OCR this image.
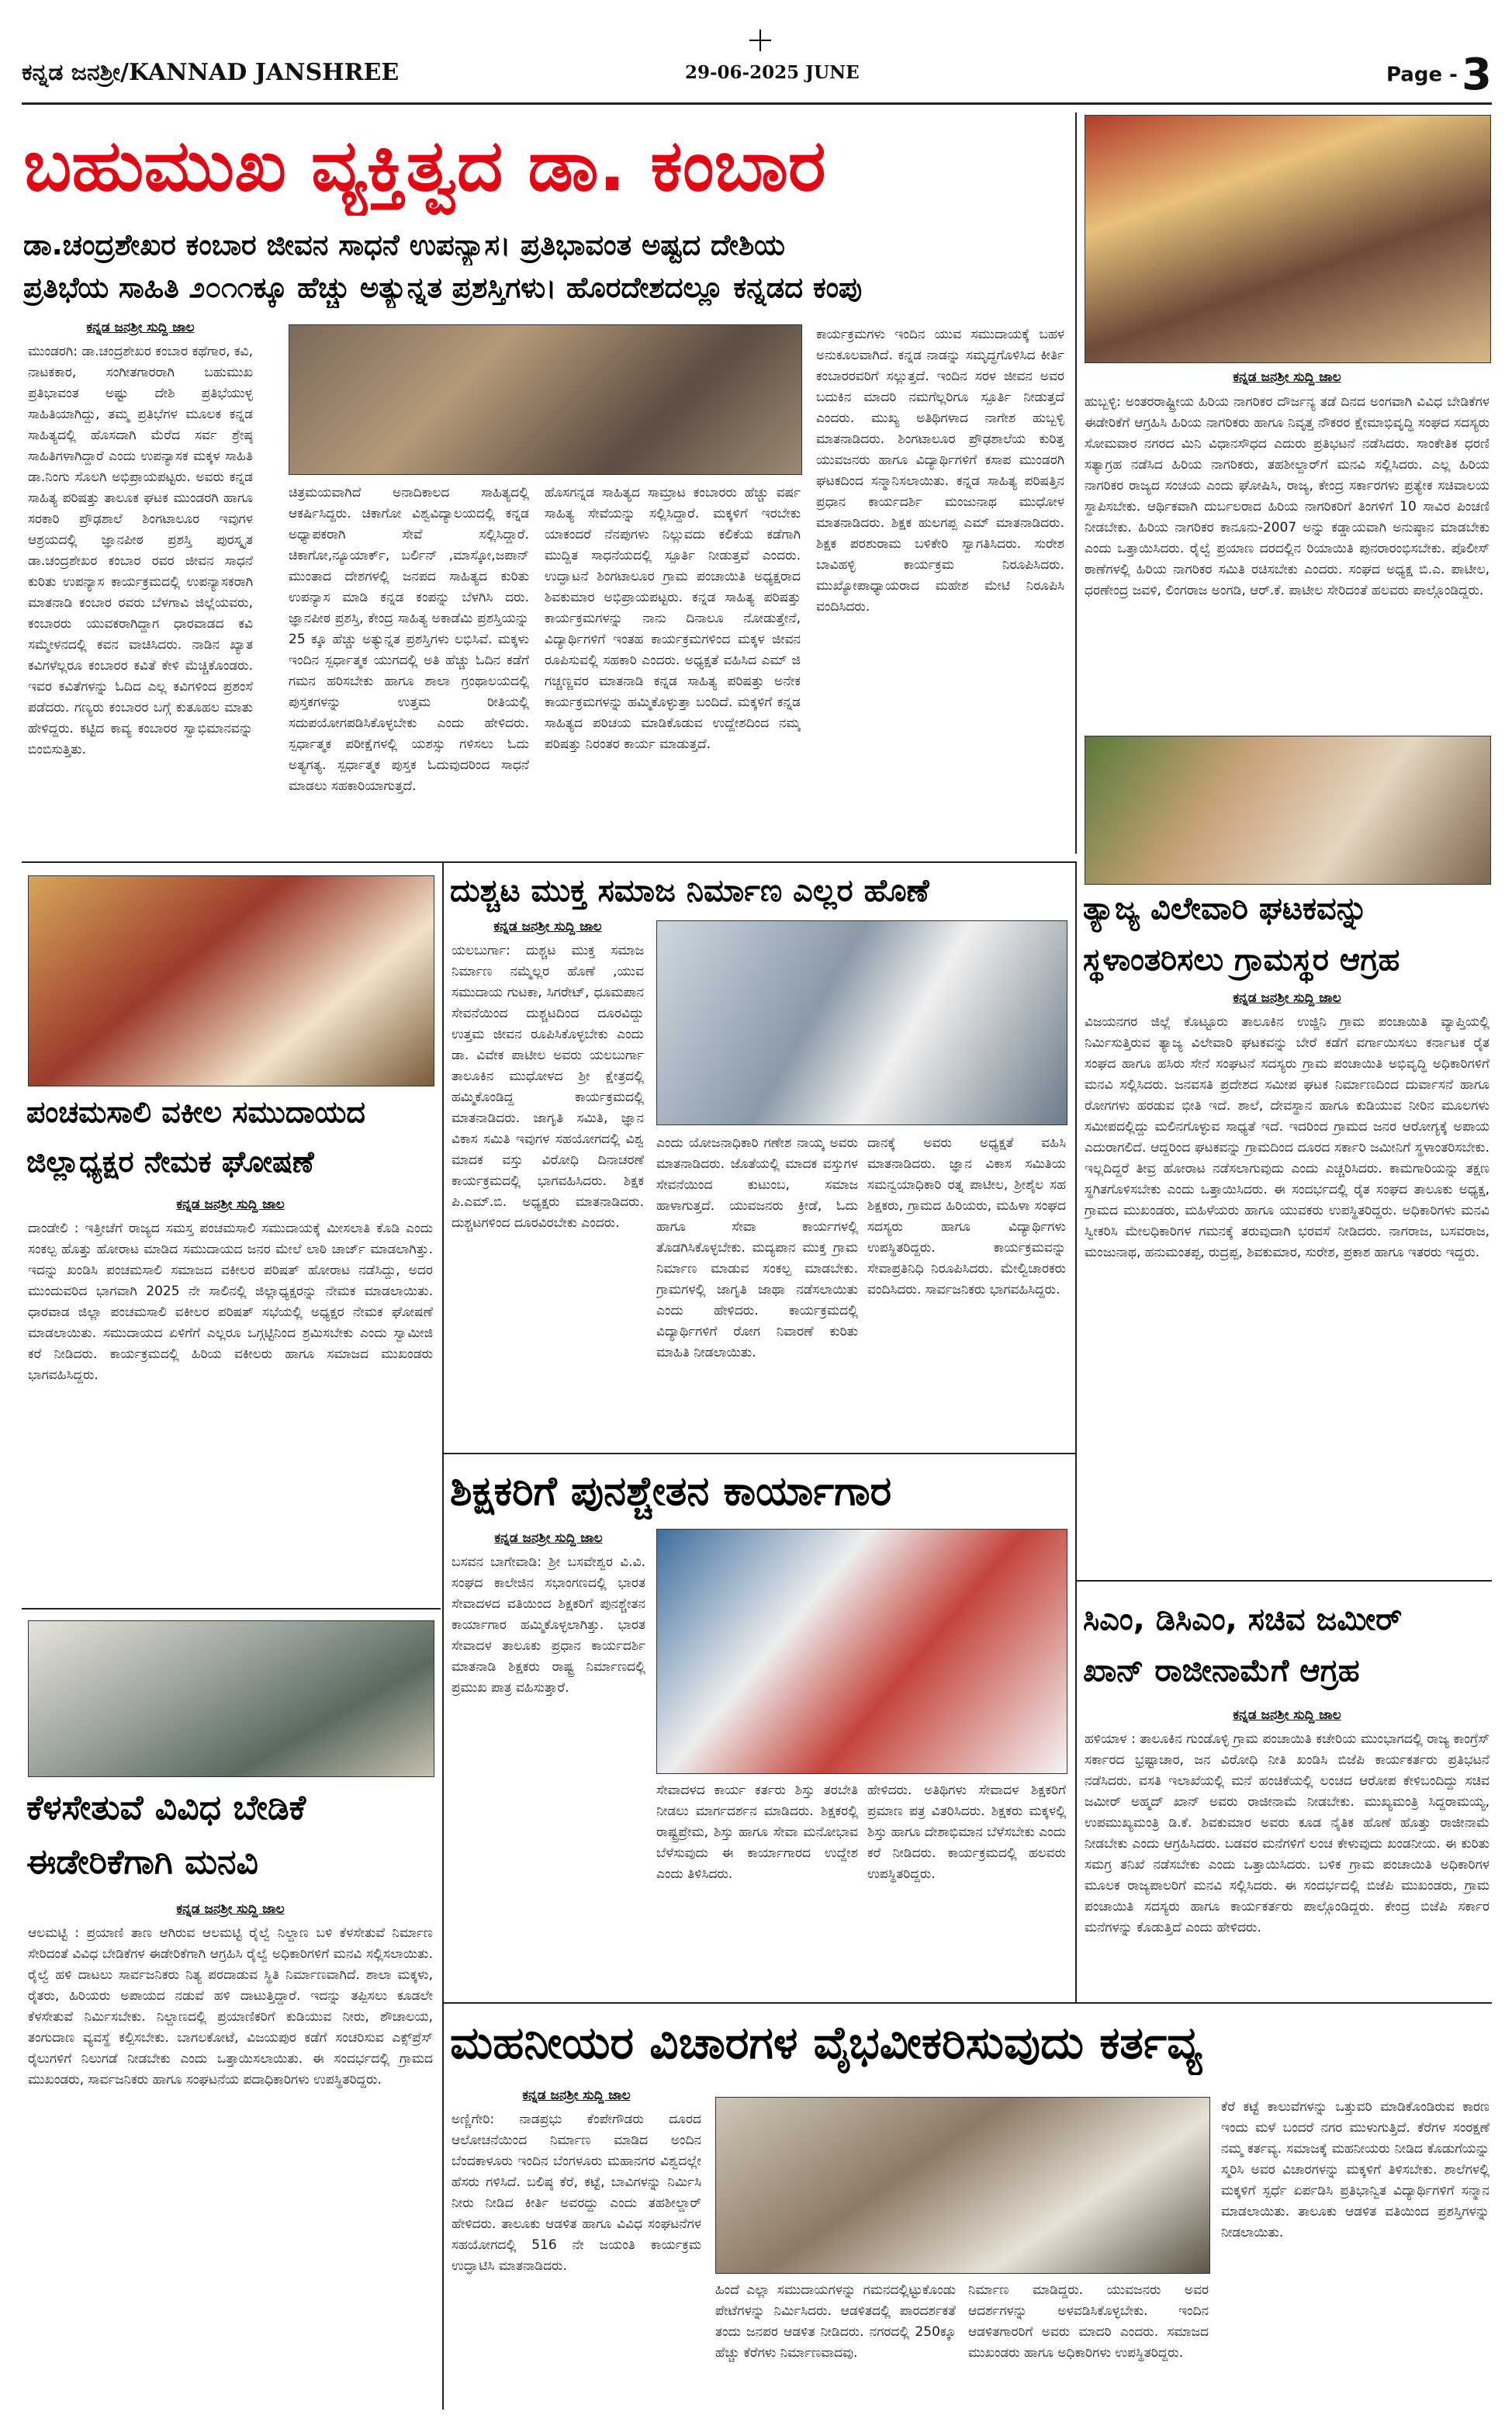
ಕನ್ನಡ ಜನಶ್ರೀ/KANNAD JANSHREE	29-06-2025 JUNE	Page - 3
ಬಹುಮುಖ ವ್ಯಕ್ತಿತ್ವದ ಡಾ. ಕಂಬಾರ
ಡಾ.ಚಂದ್ರಶೇಖರ ಕಂಬಾರ ಜೀವನ ಸಾಧನೆ ಉಪನ್ಯಾಸ। ಪ್ರತಿಭಾವಂತ ಅಷ್ಟದ ದೇಶಿಯ
ಪ್ರತಿಭೆಯ ಸಾಹಿತಿ ೨೦೧೧ಕ್ಕೂ ಹೆಚ್ಚು ಅತ್ಯುನ್ನತ ಪ್ರಶಸ್ತಿಗಳು। ಹೊರದೇಶದಲ್ಲೂ ಕನ್ನಡದ ಕಂಪು
ಕನ್ನಡ ಜನಶ್ರೀ ಸುದ್ದಿ ಜಾಲ
ಮುಂಡರಗಿ: ಡಾ.ಚಂದ್ರಶೇಖರ ಕಂಬಾರ ಕಥೆಗಾರ, ಕವಿ, ನಾಟಕಕಾರ, ಸಂಗೀತಗಾರರಾಗಿ ಬಹುಮುಖ ಪ್ರತಿಭಾವಂತ ಅಷ್ಟು ದೇಶಿ ಪ್ರತಿಭೆಯುಳ್ಳ ಸಾಹಿತಿಯಾಗಿದ್ದು, ತಮ್ಮ ಪ್ರತಿಭೆಗಳ ಮೂಲಕ ಕನ್ನಡ ಸಾಹಿತ್ಯದಲ್ಲಿ ಹೊಸದಾಗಿ ಮೆರೆದ ಸರ್ವ ಶ್ರೇಷ್ಠ ಸಾಹಿತಿಗಳಾಗಿದ್ದಾರೆ ಎಂದು ಉಪನ್ಯಾಸಕ ಮಕ್ಕಳ ಸಾಹಿತಿ ಡಾ.ನಿಂಗು ಸೊಲಗಿ ಅಭಿಪ್ರಾಯಪಟ್ಟರು. ಅವರು ಕನ್ನಡ ಸಾಹಿತ್ಯ ಪರಿಷತ್ತು ತಾಲೂಕ ಘಟಕ ಮುಂಡರಗಿ ಹಾಗೂ ಸರಕಾರಿ ಪ್ರೌಢಶಾಲೆ ಶಿಂಗಟಾಲೂರ ಇವುಗಳ ಆಶ್ರಯದಲ್ಲಿ ಜ್ಞಾನಪೀಠ ಪ್ರಶಸ್ತಿ ಪುರಸ್ಕೃತ ಡಾ.ಚಂದ್ರಶೇಖರ ಕಂಬಾರ ರವರ ಜೀವನ ಸಾಧನೆ ಕುರಿತು ಉಪನ್ಯಾಸ ಕಾರ್ಯಕ್ರಮದಲ್ಲಿ ಉಪನ್ಯಾಸಕರಾಗಿ ಮಾತನಾಡಿ ಕಂಬಾರ ರವರು ಬೆಳಗಾವಿ ಜಿಲ್ಲೆಯವರು, ಕಂಬಾರರು ಯುವಕರಾಗಿದ್ದಾಗ ಧಾರವಾಡದ ಕವಿ ಸಮ್ಮೇಳನದಲ್ಲಿ ಕವನ ವಾಚಿಸಿದರು. ನಾಡಿನ ಖ್ಯಾತ ಕವಿಗಳೆಲ್ಲರೂ ಕಂಬಾರರ ಕವಿತೆ ಕೇಳಿ ಮೆಚ್ಚಿಕೊಂಡರು. ಇವರ ಕವಿತೆಗಳನ್ನು ಓದಿದ ಎಲ್ಲ ಕವಿಗಳಿಂದ ಪ್ರಶಂಸೆ ಪಡೆದರು. ಗಣ್ಯರು ಕಂಬಾರರ ಬಗ್ಗೆ ಕುತೂಹಲ ಮಾತು ಹೇಳಿದ್ದರು. ಕಟ್ಟಿದ ಕಾವ್ಯ ಕಂಬಾರರ ಸ್ವಾಭಿಮಾನವನ್ನು ಬಿಂಬಿಸುತ್ತಿತು.
ಚಿತ್ರಮಯವಾಗಿದೆ ಅನಾದಿಕಾಲದ ಸಾಹಿತ್ಯದಲ್ಲಿ ಆಕರ್ಷಿಸಿದ್ದರು. ಚಿಕಾಗೋ ವಿಶ್ವವಿದ್ಯಾಲಯದಲ್ಲಿ ಕನ್ನಡ ಅಧ್ಯಾಪಕರಾಗಿ ಸೇವೆ ಸಲ್ಲಿಸಿದ್ದಾರೆ. ಚಿಕಾಗೋ,ನ್ಯೂಯಾರ್ಕ್, ಬರ್ಲಿನ್ ,ಮಾಸ್ಕೋ,ಜಪಾನ್ ಮುಂತಾದ ದೇಶಗಳಲ್ಲಿ ಜನಪದ ಸಾಹಿತ್ಯದ ಕುರಿತು ಉಪನ್ಯಾಸ ಮಾಡಿ ಕನ್ನಡ ಕಂಪನ್ನು ಬೆಳಗಿಸಿ ದರು. ಜ್ಞಾನಪೀಠ ಪ್ರಶಸ್ತಿ, ಕೇಂದ್ರ ಸಾಹಿತ್ಯ ಅಕಾಡೆಮಿ ಪ್ರಶಸ್ತಿಯನ್ನು 25 ಕ್ಕೂ ಹೆಚ್ಚು ಅತ್ಯುನ್ನತ ಪ್ರಶಸ್ತಿಗಳು ಲಭಿಸಿವೆ. ಮಕ್ಕಳು ಇಂದಿನ ಸ್ಪರ್ಧಾತ್ಮಕ ಯುಗದಲ್ಲಿ ಅತಿ ಹೆಚ್ಚು ಓದಿನ ಕಡೆಗೆ ಗಮನ ಹರಿಸಬೇಕು ಹಾಗೂ ಶಾಲಾ ಗ್ರಂಥಾಲಯದಲ್ಲಿ ಪುಸ್ತಕಗಳನ್ನು ಉತ್ತಮ ರೀತಿಯಲ್ಲಿ ಸದುಪಯೋಗಪಡಿಸಿಕೊಳ್ಳಬೇಕು ಎಂದು ಹೇಳಿದರು. ಸ್ಪರ್ಧಾತ್ಮಕ ಪರೀಕ್ಷೆಗಳಲ್ಲಿ ಯಶಸ್ಸು ಗಳಿಸಲು ಓದು ಅತ್ಯಗತ್ಯ. ಸ್ಪರ್ಧಾತ್ಮಕ ಪುಸ್ತಕ ಓದುವುದರಿಂದ ಸಾಧನೆ ಮಾಡಲು ಸಹಕಾರಿಯಾಗುತ್ತದೆ.
ಹೊಸಗನ್ನಡ ಸಾಹಿತ್ಯದ ಸಾಮ್ರಾಟ ಕಂಬಾರರು ಹೆಚ್ಚು ವರ್ಷ ಸಾಹಿತ್ಯ ಸೇವೆಯನ್ನು ಸಲ್ಲಿಸಿದ್ದಾರೆ. ಮಕ್ಕಳಿಗೆ ಇರಬೇಕು ಯಾಕಂದರೆ ನೆನಪುಗಳು ನಿಲ್ಲುವದು ಕಲಿಕೆಯ ಕಡೆಗಾಗಿ ಮುದ್ದಿತ ಸಾಧನೆಯದಲ್ಲಿ ಸ್ಪೂರ್ತಿ ನೀಡುತ್ತವೆ ಎಂದರು. ಉದ್ಘಾಟನೆ ಶಿಂಗಟಾಲೂರ ಗ್ರಾಮ ಪಂಚಾಯಿತಿ ಅಧ್ಯಕ್ಷರಾದ ಶಿವಕುಮಾರ ಅಭಿಪ್ರಾಯಪಟ್ಟರು. ಕನ್ನಡ ಸಾಹಿತ್ಯ ಪರಿಷತ್ತು ಕಾರ್ಯಕ್ರಮಗಳನ್ನು ನಾನು ದಿನಾಲೂ ನೋಡುತ್ತೇನೆ, ವಿದ್ಯಾರ್ಥಿಗಳಿಗೆ ಇಂತಹ ಕಾರ್ಯಕ್ರಮಗಳಿಂದ ಮಕ್ಕಳ ಜೀವನ ರೂಪಿಸುವಲ್ಲಿ ಸಹಕಾರಿ ಎಂದರು. ಅಧ್ಯಕ್ಷತೆ ವಹಿಸಿದ ಎಮ್ ಜಿ ಗಚ್ಚಣ್ಣವರ ಮಾತನಾಡಿ ಕನ್ನಡ ಸಾಹಿತ್ಯ ಪರಿಷತ್ತು ಅನೇಕ ಕಾರ್ಯಕ್ರಮಗಳನ್ನು ಹಮ್ಮಿಕೊಳ್ಳುತ್ತಾ ಬಂದಿದೆ. ಮಕ್ಕಳಿಗೆ ಕನ್ನಡ ಸಾಹಿತ್ಯದ ಪರಿಚಯ ಮಾಡಿಕೊಡುವ ಉದ್ದೇಶದಿಂದ ನಮ್ಮ ಪರಿಷತ್ತು ನಿರಂತರ ಕಾರ್ಯ ಮಾಡುತ್ತದೆ.
ಕಾರ್ಯಕ್ರಮಗಳು ಇಂದಿನ ಯುವ ಸಮುದಾಯಕ್ಕೆ ಬಹಳ ಅನುಕೂಲವಾಗಿದೆ. ಕನ್ನಡ ನಾಡನ್ನು ಸಮೃದ್ಧಗೊಳಿಸಿದ ಕೀರ್ತಿ ಕಂಬಾರರವರಿಗೆ ಸಲ್ಲುತ್ತದೆ. ಇಂದಿನ ಸರಳ ಜೀವನ ಅವರ ಬದುಕಿನ ಮಾದರಿ ನಮಗೆಲ್ಲರಿಗೂ ಸ್ಪೂರ್ತಿ ನೀಡುತ್ತದೆ ಎಂದರು. ಮುಖ್ಯ ಅತಿಥಿಗಳಾದ ನಾಗೇಶ ಹುಬ್ಬಳ್ಳಿ ಮಾತನಾಡಿದರು. ಶಿಂಗಟಾಲೂರ ಪ್ರೌಢಶಾಲೆಯ ಕುರಿತ್ತ ಯುವಜನರು ಹಾಗೂ ವಿದ್ಯಾರ್ಥಿಗಳಿಗೆ ಕಸಾಪ ಮುಂಡರಗಿ ಘಟಕದಿಂದ ಸನ್ಮಾನಿಸಲಾಯಿತು. ಕನ್ನಡ ಸಾಹಿತ್ಯ ಪರಿಷತ್ತಿನ ಪ್ರಧಾನ ಕಾರ್ಯದರ್ಶಿ ಮಂಜುನಾಥ ಮುಧೋಳ ಮಾತನಾಡಿದರು. ಶಿಕ್ಷಕ ಹುಲಗಪ್ಪ ಎಮ್ ಮಾತನಾಡಿದರು. ಶಿಕ್ಷಕ ಪರಶುರಾಮ ಬಳಿಕೇರಿ ಸ್ವಾಗತಿಸಿದರು. ಸುರೇಶ ಬಾವಿಹಳ್ಳಿ ಕಾರ್ಯಕ್ರಮ ನಿರೂಪಿಸಿದರು. ಮುಖ್ಯೋಪಾಧ್ಯಾಯರಾದ ಮಹೇಶ ಮೇಟಿ ನಿರೂಪಿಸಿ ವಂದಿಸಿದರು.
ಕನ್ನಡ ಜನಶ್ರೀ ಸುದ್ದಿ ಜಾಲ
ಹುಬ್ಬಳ್ಳಿ: ಅಂತರರಾಷ್ಟ್ರೀಯ ಹಿರಿಯ ನಾಗರಿಕರ ದೌರ್ಜನ್ಯ ತಡೆ ದಿನದ ಅಂಗವಾಗಿ ವಿವಿಧ ಬೇಡಿಕೆಗಳ ಈಡೇರಿಕೆಗೆ ಆಗ್ರಹಿಸಿ ಹಿರಿಯ ನಾಗರಿಕರು ಹಾಗೂ ನಿವೃತ್ತ ನೌಕರರ ಕ್ಷೇಮಾಭಿವೃದ್ಧಿ ಸಂಘದ ಸದಸ್ಯರು ಸೋಮವಾರ ನಗರದ ಮಿನಿ ವಿಧಾನಸೌಧದ ಎದುರು ಪ್ರತಿಭಟನೆ ನಡೆಸಿದರು. ಸಾಂಕೇತಿಕ ಧರಣಿ ಸತ್ಯಾಗ್ರಹ ನಡೆಸಿದ ಹಿರಿಯ ನಾಗರಿಕರು, ತಹಶೀಲ್ದಾರ್‌ಗೆ ಮನವಿ ಸಲ್ಲಿಸಿದರು. ಎಲ್ಲ ಹಿರಿಯ ನಾಗರಿಕರ ರಾಜ್ಯದ ಸಂಚಯ ಎಂದು ಘೋಷಿಸಿ, ರಾಜ್ಯ, ಕೇಂದ್ರ ಸರ್ಕಾರಗಳು ಪ್ರತ್ಯೇಕ ಸಚಿವಾಲಯ ಸ್ಥಾಪಿಸಬೇಕು. ಆರ್ಥಿಕವಾಗಿ ದುರ್ಬಲರಾದ ಹಿರಿಯ ನಾಗರಿಕರಿಗೆ ತಿಂಗಳಿಗೆ 10 ಸಾವಿರ ಪಿಂಚಣಿ ನೀಡಬೇಕು. ಹಿರಿಯ ನಾಗರಿಕರ ಕಾನೂನು-2007 ಅನ್ನು ಕಡ್ಡಾಯವಾಗಿ ಅನುಷ್ಠಾನ ಮಾಡಬೇಕು ಎಂದು ಒತ್ತಾಯಿಸಿದರು. ರೈಲ್ವೆ ಪ್ರಯಾಣ ದರದಲ್ಲಿನ ರಿಯಾಯಿತಿ ಪುನರಾರಂಭಿಸಬೇಕು. ಪೊಲೀಸ್ ಠಾಣೆಗಳಲ್ಲಿ ಹಿರಿಯ ನಾಗರಿಕರ ಸಮಿತಿ ರಚಿಸಬೇಕು ಎಂದರು. ಸಂಘದ ಅಧ್ಯಕ್ಷ ಬಿ.ಎ. ಪಾಟೀಲ, ಧರಣೇಂದ್ರ ಜವಳಿ, ಲಿಂಗರಾಜ ಅಂಗಡಿ, ಆರ್.ಕೆ. ಪಾಟೀಲ ಸೇರಿದಂತೆ ಹಲವರು ಪಾಲ್ಗೊಂಡಿದ್ದರು.
ಪಂಚಮಸಾಲಿ ವಕೀಲ ಸಮುದಾಯದ
ಜಿಲ್ಲಾಧ್ಯಕ್ಷರ ನೇಮಕ ಘೋಷಣೆ
ಕನ್ನಡ ಜನಶ್ರೀ ಸುದ್ದಿ ಜಾಲ
ದಾಂಡೇಲಿ : ಇತ್ತೀಚೆಗೆ ರಾಜ್ಯದ ಸಮಸ್ತ ಪಂಚಮಸಾಲಿ ಸಮುದಾಯಕ್ಕೆ ಮೀಸಲಾತಿ ಕೊಡಿ ಎಂದು ಸಂಕಲ್ಪ ಹೊತ್ತು ಹೋರಾಟ ಮಾಡಿದ ಸಮುದಾಯದ ಜನರ ಮೇಲೆ ಲಾಠಿ ಚಾರ್ಜ್ ಮಾಡಲಾಗಿತ್ತು. ಇದನ್ನು ಖಂಡಿಸಿ ಪಂಚಮಸಾಲಿ ಸಮಾಜದ ವಕೀಲರ ಪರಿಷತ್ ಹೋರಾಟ ನಡೆಸಿದ್ದು, ಅದರ ಮುಂದುವರಿದ ಭಾಗವಾಗಿ 2025 ನೇ ಸಾಲಿನಲ್ಲಿ ಜಿಲ್ಲಾಧ್ಯಕ್ಷರನ್ನು ನೇಮಕ ಮಾಡಲಾಯಿತು. ಧಾರವಾಡ ಜಿಲ್ಲಾ ಪಂಚಮಸಾಲಿ ವಕೀಲರ ಪರಿಷತ್ ಸಭೆಯಲ್ಲಿ ಅಧ್ಯಕ್ಷರ ನೇಮಕ ಘೋಷಣೆ ಮಾಡಲಾಯಿತು. ಸಮುದಾಯದ ಏಳಿಗೆಗೆ ಎಲ್ಲರೂ ಒಗ್ಗಟ್ಟಿನಿಂದ ಶ್ರಮಿಸಬೇಕು ಎಂದು ಸ್ವಾಮೀಜಿ ಕರೆ ನೀಡಿದರು. ಕಾರ್ಯಕ್ರಮದಲ್ಲಿ ಹಿರಿಯ ವಕೀಲರು ಹಾಗೂ ಸಮಾಜದ ಮುಖಂಡರು ಭಾಗವಹಿಸಿದ್ದರು.
ಕೆಳಸೇತುವೆ ವಿವಿಧ ಬೇಡಿಕೆ
ಈಡೇರಿಕೆಗಾಗಿ ಮನವಿ
ಕನ್ನಡ ಜನಶ್ರೀ ಸುದ್ದಿ ಜಾಲ
ಆಲಮಟ್ಟಿ : ಪ್ರಯಾಣಿ ತಾಣ ಆಗಿರುವ ಆಲಮಟ್ಟಿ ರೈಲ್ವೆ ನಿಲ್ದಾಣ ಬಳಿ ಕೆಳಸೇತುವೆ ನಿರ್ಮಾಣ ಸೇರಿದಂತೆ ವಿವಿಧ ಬೇಡಿಕೆಗಳ ಈಡೇರಿಕೆಗಾಗಿ ಆಗ್ರಹಿಸಿ ರೈಲ್ವೆ ಅಧಿಕಾರಿಗಳಿಗೆ ಮನವಿ ಸಲ್ಲಿಸಲಾಯಿತು. ರೈಲ್ವೆ ಹಳಿ ದಾಟಲು ಸಾರ್ವಜನಿಕರು ನಿತ್ಯ ಪರದಾಡುವ ಸ್ಥಿತಿ ನಿರ್ಮಾಣವಾಗಿದೆ. ಶಾಲಾ ಮಕ್ಕಳು, ರೈತರು, ಹಿರಿಯರು ಅಪಾಯದ ನಡುವೆ ಹಳಿ ದಾಟುತ್ತಿದ್ದಾರೆ. ಇದನ್ನು ತಪ್ಪಿಸಲು ಕೂಡಲೇ ಕೆಳಸೇತುವೆ ನಿರ್ಮಿಸಬೇಕು. ನಿಲ್ದಾಣದಲ್ಲಿ ಪ್ರಯಾಣಿಕರಿಗೆ ಕುಡಿಯುವ ನೀರು, ಶೌಚಾಲಯ, ತಂಗುದಾಣ ವ್ಯವಸ್ಥೆ ಕಲ್ಪಿಸಬೇಕು. ಬಾಗಲಕೋಟೆ, ವಿಜಯಪುರ ಕಡೆಗೆ ಸಂಚರಿಸುವ ಎಕ್ಸ್‌ಪ್ರೆಸ್ ರೈಲುಗಳಿಗೆ ನಿಲುಗಡೆ ನೀಡಬೇಕು ಎಂದು ಒತ್ತಾಯಿಸಲಾಯಿತು. ಈ ಸಂದರ್ಭದಲ್ಲಿ ಗ್ರಾಮದ ಮುಖಂಡರು, ಸಾರ್ವಜನಿಕರು ಹಾಗೂ ಸಂಘಟನೆಯ ಪದಾಧಿಕಾರಿಗಳು ಉಪಸ್ಥಿತರಿದ್ದರು.
ದುಶ್ಚಟ ಮುಕ್ತ ಸಮಾಜ ನಿರ್ಮಾಣ ಎಲ್ಲರ ಹೊಣೆ
ಕನ್ನಡ ಜನಶ್ರೀ ಸುದ್ದಿ ಜಾಲ
ಯಲಬುರ್ಗಾ: ದುಶ್ಚಟ ಮುಕ್ತ ಸಮಾಜ ನಿರ್ಮಾಣ ನಮ್ಮೆಲ್ಲರ ಹೊಣೆ ,ಯುವ ಸಮುದಾಯ ಗುಟಕಾ, ಸಿಗರೇಟ್, ಧೂಮಪಾನ ಸೇವನೆಯಿಂದ ದುಶ್ಚಟದಿಂದ ದೂರವಿದ್ದು ಉತ್ತಮ ಜೀವನ ರೂಪಿಸಿಕೊಳ್ಳಬೇಕು ಎಂದು ಡಾ. ವಿವೇಕ ಪಾಟೀಲ ಅವರು ಯಲಬುರ್ಗಾ ತಾಲೂಕಿನ ಮುಧೋಳದ ಶ್ರೀ ಕ್ಷೇತ್ರದಲ್ಲಿ ಹಮ್ಮಿಕೊಂಡಿದ್ದ ಕಾರ್ಯಕ್ರಮದಲ್ಲಿ ಮಾತನಾಡಿದರು. ಜಾಗೃತಿ ಸಮಿತಿ, ಜ್ಞಾನ ವಿಕಾಸ ಸಮಿತಿ ಇವುಗಳ ಸಹಯೋಗದಲ್ಲಿ ವಿಶ್ವ ಮಾದಕ ವಸ್ತು ವಿರೋಧಿ ದಿನಾಚರಣೆ ಕಾರ್ಯಕ್ರಮದಲ್ಲಿ ಭಾಗವಹಿಸಿದರು. ಶಿಕ್ಷಕ ಪಿ.ಎಮ್.ಬಿ. ಅಧ್ಯಕ್ಷರು ಮಾತನಾಡಿದರು. ದುಶ್ಚಟಗಳಿಂದ ದೂರವಿರಬೇಕು ಎಂದರು.
ಎಂದು ಯೋಜನಾಧಿಕಾರಿ ಗಣೇಶ ನಾಯ್ಕ ಅವರು ಮಾತನಾಡಿದರು. ಜೊತೆಯಲ್ಲಿ ಮಾದಕ ವಸ್ತುಗಳ ಸೇವನೆಯಿಂದ ಕುಟುಂಬ, ಸಮಾಜ ಹಾಳಾಗುತ್ತದೆ. ಯುವಜನರು ಕ್ರೀಡೆ, ಓದು ಹಾಗೂ ಸೇವಾ ಕಾರ್ಯಗಳಲ್ಲಿ ತೊಡಗಿಸಿಕೊಳ್ಳಬೇಕು. ಮದ್ಯಪಾನ ಮುಕ್ತ ಗ್ರಾಮ ನಿರ್ಮಾಣ ಮಾಡುವ ಸಂಕಲ್ಪ ಮಾಡಬೇಕು. ಗ್ರಾಮಗಳಲ್ಲಿ ಜಾಗೃತಿ ಜಾಥಾ ನಡೆಸಲಾಯಿತು ಎಂದು ಹೇಳಿದರು. ಕಾರ್ಯಕ್ರಮದಲ್ಲಿ ವಿದ್ಯಾರ್ಥಿಗಳಿಗೆ ರೋಗ ನಿವಾರಣೆ ಕುರಿತು ಮಾಹಿತಿ ನೀಡಲಾಯಿತು.
ದಾನಕ್ಕೆ ಅವರು ಅಧ್ಯಕ್ಷತೆ ವಹಿಸಿ ಮಾತನಾಡಿದರು. ಜ್ಞಾನ ವಿಕಾಸ ಸಮಿತಿಯ ಸಮನ್ವಯಾಧಿಕಾರಿ ರತ್ನ ಪಾಟೀಲ, ಶ್ರೀಶೈಲ ಸಹ ಶಿಕ್ಷಕರು, ಗ್ರಾಮದ ಹಿರಿಯರು, ಮಹಿಳಾ ಸಂಘದ ಸದಸ್ಯರು ಹಾಗೂ ವಿದ್ಯಾರ್ಥಿಗಳು ಉಪಸ್ಥಿತರಿದ್ದರು. ಕಾರ್ಯಕ್ರಮವನ್ನು ಸೇವಾಪ್ರತಿನಿಧಿ ನಿರೂಪಿಸಿದರು. ಮೇಲ್ವಿಚಾರಕರು ವಂದಿಸಿದರು. ಸಾರ್ವಜನಿಕರು ಭಾಗವಹಿಸಿದ್ದರು.
ಶಿಕ್ಷಕರಿಗೆ ಪುನಶ್ಚೇತನ ಕಾರ್ಯಾಗಾರ
ಕನ್ನಡ ಜನಶ್ರೀ ಸುದ್ದಿ ಜಾಲ
ಬಸವನ ಬಾಗೇವಾಡಿ: ಶ್ರೀ ಬಸವೇಶ್ವರ ವಿ.ವಿ. ಸಂಘದ ಕಾಲೇಜಿನ ಸಭಾಂಗಣದಲ್ಲಿ ಭಾರತ ಸೇವಾದಳದ ವತಿಯಿಂದ ಶಿಕ್ಷಕರಿಗೆ ಪುನಶ್ಚೇತನ ಕಾರ್ಯಾಗಾರ ಹಮ್ಮಿಕೊಳ್ಳಲಾಗಿತ್ತು. ಭಾರತ ಸೇವಾದಳ ತಾಲೂಕು ಪ್ರಧಾನ ಕಾರ್ಯದರ್ಶಿ ಮಾತನಾಡಿ ಶಿಕ್ಷಕರು ರಾಷ್ಟ್ರ ನಿರ್ಮಾಣದಲ್ಲಿ ಪ್ರಮುಖ ಪಾತ್ರ ವಹಿಸುತ್ತಾರೆ.
ಸೇವಾದಳದ ಕಾರ್ಯ ಕರ್ತರು ಶಿಸ್ತು ತರಬೇತಿ ನೀಡಲು ಮಾರ್ಗದರ್ಶನ ಮಾಡಿದರು. ಶಿಕ್ಷಕರಲ್ಲಿ ರಾಷ್ಟ್ರಪ್ರೇಮ, ಶಿಸ್ತು ಹಾಗೂ ಸೇವಾ ಮನೋಭಾವ ಬೆಳೆಸುವುದು ಈ ಕಾರ್ಯಾಗಾರದ ಉದ್ದೇಶ ಎಂದು ತಿಳಿಸಿದರು.
ಹೇಳಿದರು. ಅತಿಥಿಗಳು ಸೇವಾದಳ ಶಿಕ್ಷಕರಿಗೆ ಪ್ರಮಾಣ ಪತ್ರ ವಿತರಿಸಿದರು. ಶಿಕ್ಷಕರು ಮಕ್ಕಳಲ್ಲಿ ಶಿಸ್ತು ಹಾಗೂ ದೇಶಾಭಿಮಾನ ಬೆಳೆಸಬೇಕು ಎಂದು ಕರೆ ನೀಡಿದರು. ಕಾರ್ಯಕ್ರಮದಲ್ಲಿ ಹಲವರು ಉಪಸ್ಥಿತರಿದ್ದರು.
ತ್ಯಾಜ್ಯ ವಿಲೇವಾರಿ ಘಟಕವನ್ನು
ಸ್ಥಳಾಂತರಿಸಲು ಗ್ರಾಮಸ್ಥರ ಆಗ್ರಹ
ಕನ್ನಡ ಜನಶ್ರೀ ಸುದ್ದಿ ಜಾಲ
ವಿಜಯನಗರ ಜಿಲ್ಲೆ ಕೊಟ್ಟೂರು ತಾಲೂಕಿನ ಉಜ್ಜಿನಿ ಗ್ರಾಮ ಪಂಚಾಯಿತಿ ವ್ಯಾಪ್ತಿಯಲ್ಲಿ ನಿರ್ಮಿಸುತ್ತಿರುವ ತ್ಯಾಜ್ಯ ವಿಲೇವಾರಿ ಘಟಕವನ್ನು ಬೇರೆ ಕಡೆಗೆ ವರ್ಗಾಯಿಸಲು ಕರ್ನಾಟಕ ರೈತ ಸಂಘದ ಹಾಗೂ ಹಸಿರು ಸೇನೆ ಸಂಘಟನೆ ಸದಸ್ಯರು ಗ್ರಾಮ ಪಂಚಾಯಿತಿ ಅಭಿವೃದ್ಧಿ ಅಧಿಕಾರಿಗಳಿಗೆ ಮನವಿ ಸಲ್ಲಿಸಿದರು. ಜನವಸತಿ ಪ್ರದೇಶದ ಸಮೀಪ ಘಟಕ ನಿರ್ಮಾಣದಿಂದ ದುರ್ವಾಸನೆ ಹಾಗೂ ರೋಗಗಳು ಹರಡುವ ಭೀತಿ ಇದೆ. ಶಾಲೆ, ದೇವಸ್ಥಾನ ಹಾಗೂ ಕುಡಿಯುವ ನೀರಿನ ಮೂಲಗಳು ಸಮೀಪದಲ್ಲಿದ್ದು ಮಲಿನಗೊಳ್ಳುವ ಸಾಧ್ಯತೆ ಇದೆ. ಇದರಿಂದ ಗ್ರಾಮದ ಜನರ ಆರೋಗ್ಯಕ್ಕೆ ಅಪಾಯ ಎದುರಾಗಲಿದೆ. ಆದ್ದರಿಂದ ಘಟಕವನ್ನು ಗ್ರಾಮದಿಂದ ದೂರದ ಸರ್ಕಾರಿ ಜಮೀನಿಗೆ ಸ್ಥಳಾಂತರಿಸಬೇಕು. ಇಲ್ಲದಿದ್ದರೆ ತೀವ್ರ ಹೋರಾಟ ನಡೆಸಲಾಗುವುದು ಎಂದು ಎಚ್ಚರಿಸಿದರು. ಕಾಮಗಾರಿಯನ್ನು ತಕ್ಷಣ ಸ್ಥಗಿತಗೊಳಿಸಬೇಕು ಎಂದು ಒತ್ತಾಯಿಸಿದರು. ಈ ಸಂದರ್ಭದಲ್ಲಿ ರೈತ ಸಂಘದ ತಾಲೂಕು ಅಧ್ಯಕ್ಷ, ಗ್ರಾಮದ ಮುಖಂಡರು, ಮಹಿಳೆಯರು ಹಾಗೂ ಯುವಕರು ಉಪಸ್ಥಿತರಿದ್ದರು. ಅಧಿಕಾರಿಗಳು ಮನವಿ ಸ್ವೀಕರಿಸಿ ಮೇಲಧಿಕಾರಿಗಳ ಗಮನಕ್ಕೆ ತರುವುದಾಗಿ ಭರವಸೆ ನೀಡಿದರು. ನಾಗರಾಜ, ಬಸವರಾಜ, ಮಂಜುನಾಥ, ಹನುಮಂತಪ್ಪ, ರುದ್ರಪ್ಪ, ಶಿವಕುಮಾರ, ಸುರೇಶ, ಪ್ರಕಾಶ ಹಾಗೂ ಇತರರು ಇದ್ದರು.
ಸಿಎಂ, ಡಿಸಿಎಂ, ಸಚಿವ ಜಮೀರ್
ಖಾನ್ ರಾಜೀನಾಮೆಗೆ ಆಗ್ರಹ
ಕನ್ನಡ ಜನಶ್ರೀ ಸುದ್ದಿ ಜಾಲ
ಹಳಿಯಾಳ : ತಾಲೂಕಿನ ಗುಂಡೊಳ್ಳಿ ಗ್ರಾಮ ಪಂಚಾಯಿತಿ ಕಚೇರಿಯ ಮುಂಭಾಗದಲ್ಲಿ ರಾಜ್ಯ ಕಾಂಗ್ರೆಸ್ ಸರ್ಕಾರದ ಭ್ರಷ್ಟಾಚಾರ, ಜನ ವಿರೋಧಿ ನೀತಿ ಖಂಡಿಸಿ ಬಿಜೆಪಿ ಕಾರ್ಯಕರ್ತರು ಪ್ರತಿಭಟನೆ ನಡೆಸಿದರು. ವಸತಿ ಇಲಾಖೆಯಲ್ಲಿ ಮನೆ ಹಂಚಿಕೆಯಲ್ಲಿ ಲಂಚದ ಆರೋಪ ಕೇಳಿಬಂದಿದ್ದು ಸಚಿವ ಜಮೀರ್ ಅಹ್ಮದ್ ಖಾನ್ ಅವರು ರಾಜೀನಾಮೆ ನೀಡಬೇಕು. ಮುಖ್ಯಮಂತ್ರಿ ಸಿದ್ದರಾಮಯ್ಯ, ಉಪಮುಖ್ಯಮಂತ್ರಿ ಡಿ.ಕೆ. ಶಿವಕುಮಾರ ಅವರು ಕೂಡ ನೈತಿಕ ಹೊಣೆ ಹೊತ್ತು ರಾಜೀನಾಮೆ ನೀಡಬೇಕು ಎಂದು ಆಗ್ರಹಿಸಿದರು. ಬಡವರ ಮನೆಗಳಿಗೆ ಲಂಚ ಕೇಳುವುದು ಖಂಡನೀಯ. ಈ ಕುರಿತು ಸಮಗ್ರ ತನಿಖೆ ನಡೆಸಬೇಕು ಎಂದು ಒತ್ತಾಯಿಸಿದರು. ಬಳಿಕ ಗ್ರಾಮ ಪಂಚಾಯಿತಿ ಅಧಿಕಾರಿಗಳ ಮೂಲಕ ರಾಜ್ಯಪಾಲರಿಗೆ ಮನವಿ ಸಲ್ಲಿಸಿದರು. ಈ ಸಂದರ್ಭದಲ್ಲಿ ಬಿಜೆಪಿ ಮುಖಂಡರು, ಗ್ರಾಮ ಪಂಚಾಯಿತಿ ಸದಸ್ಯರು ಹಾಗೂ ಕಾರ್ಯಕರ್ತರು ಪಾಲ್ಗೊಂಡಿದ್ದರು. ಕೇಂದ್ರ ಬಿಜೆಪಿ ಸರ್ಕಾರ ಮನೆಗಳನ್ನು ಕೊಡುತ್ತಿದೆ ಎಂದು ಹೇಳಿದರು.
ಮಹನೀಯರ ವಿಚಾರಗಳ ವೈಭವೀಕರಿಸುವುದು ಕರ್ತವ್ಯ
ಕನ್ನಡ ಜನಶ್ರೀ ಸುದ್ದಿ ಜಾಲ
ಅಣ್ಣಿಗೇರಿ: ನಾಡಪ್ರಭು ಕೆಂಪೇಗೌಡರು ದೂರದ ಆಲೋಚನೆಯಿಂದ ನಿರ್ಮಾಣ ಮಾಡಿದ ಅಂದಿನ ಬೆಂದಕಾಳೂರು ಇಂದಿನ ಬೆಂಗಳೂರು ಮಹಾನಗರ ವಿಶ್ವದಲ್ಲೇ ಹೆಸರು ಗಳಿಸಿದೆ. ಬಲಿಷ್ಠ ಕೆರೆ, ಕಟ್ಟೆ, ಬಾವಿಗಳನ್ನು ನಿರ್ಮಿಸಿ ನೀರು ನೀಡಿದ ಕೀರ್ತಿ ಅವರದ್ದು ಎಂದು ತಹಶೀಲ್ದಾರ್ ಹೇಳಿದರು. ತಾಲೂಕು ಆಡಳಿತ ಹಾಗೂ ವಿವಿಧ ಸಂಘಟನೆಗಳ ಸಹಯೋಗದಲ್ಲಿ 516 ನೇ ಜಯಂತಿ ಕಾರ್ಯಕ್ರಮ ಉದ್ಘಾಟಿಸಿ ಮಾತನಾಡಿದರು.
ಹಿಂದೆ ಎಲ್ಲಾ ಸಮುದಾಯಗಳನ್ನು ಗಮನದಲ್ಲಿಟ್ಟುಕೊಂಡು ಪೇಟೆಗಳನ್ನು ನಿರ್ಮಿಸಿದರು. ಆಡಳಿತದಲ್ಲಿ ಪಾರದರ್ಶಕತೆ ತಂದು ಜನಪರ ಆಡಳಿತ ನೀಡಿದರು. ನಗರದಲ್ಲಿ 250ಕ್ಕೂ ಹೆಚ್ಚು ಕೆರೆಗಳು ನಿರ್ಮಾಣವಾದವು.
ನಿರ್ಮಾಣ ಮಾಡಿದ್ದರು. ಯುವಜನರು ಅವರ ಆದರ್ಶಗಳನ್ನು ಅಳವಡಿಸಿಕೊಳ್ಳಬೇಕು. ಇಂದಿನ ಆಡಳಿತಗಾರರಿಗೆ ಅವರು ಮಾದರಿ ಎಂದರು. ಸಮಾಜದ ಮುಖಂಡರು ಹಾಗೂ ಅಧಿಕಾರಿಗಳು ಉಪಸ್ಥಿತರಿದ್ದರು.
ಕೆರೆ ಕಟ್ಟೆ ಕಾಲುವೆಗಳನ್ನು ಒತ್ತುವರಿ ಮಾಡಿಕೊಂಡಿರುವ ಕಾರಣ ಇಂದು ಮಳೆ ಬಂದರೆ ನಗರ ಮುಳುಗುತ್ತಿದೆ. ಕೆರೆಗಳ ಸಂರಕ್ಷಣೆ ನಮ್ಮ ಕರ್ತವ್ಯ. ಸಮಾಜಕ್ಕೆ ಮಹನೀಯರು ನೀಡಿದ ಕೊಡುಗೆಯನ್ನು ಸ್ಮರಿಸಿ ಅವರ ವಿಚಾರಗಳನ್ನು ಮಕ್ಕಳಿಗೆ ತಿಳಿಸಬೇಕು. ಶಾಲೆಗಳಲ್ಲಿ ಮಕ್ಕಳಿಗೆ ಸ್ಪರ್ಧೆ ಏರ್ಪಡಿಸಿ ಪ್ರತಿಭಾನ್ವಿತ ವಿದ್ಯಾರ್ಥಿಗಳಿಗೆ ಸನ್ಮಾನ ಮಾಡಲಾಯಿತು. ತಾಲೂಕು ಆಡಳಿತ ವತಿಯಿಂದ ಪ್ರಶಸ್ತಿಗಳನ್ನು ನೀಡಲಾಯಿತು.
